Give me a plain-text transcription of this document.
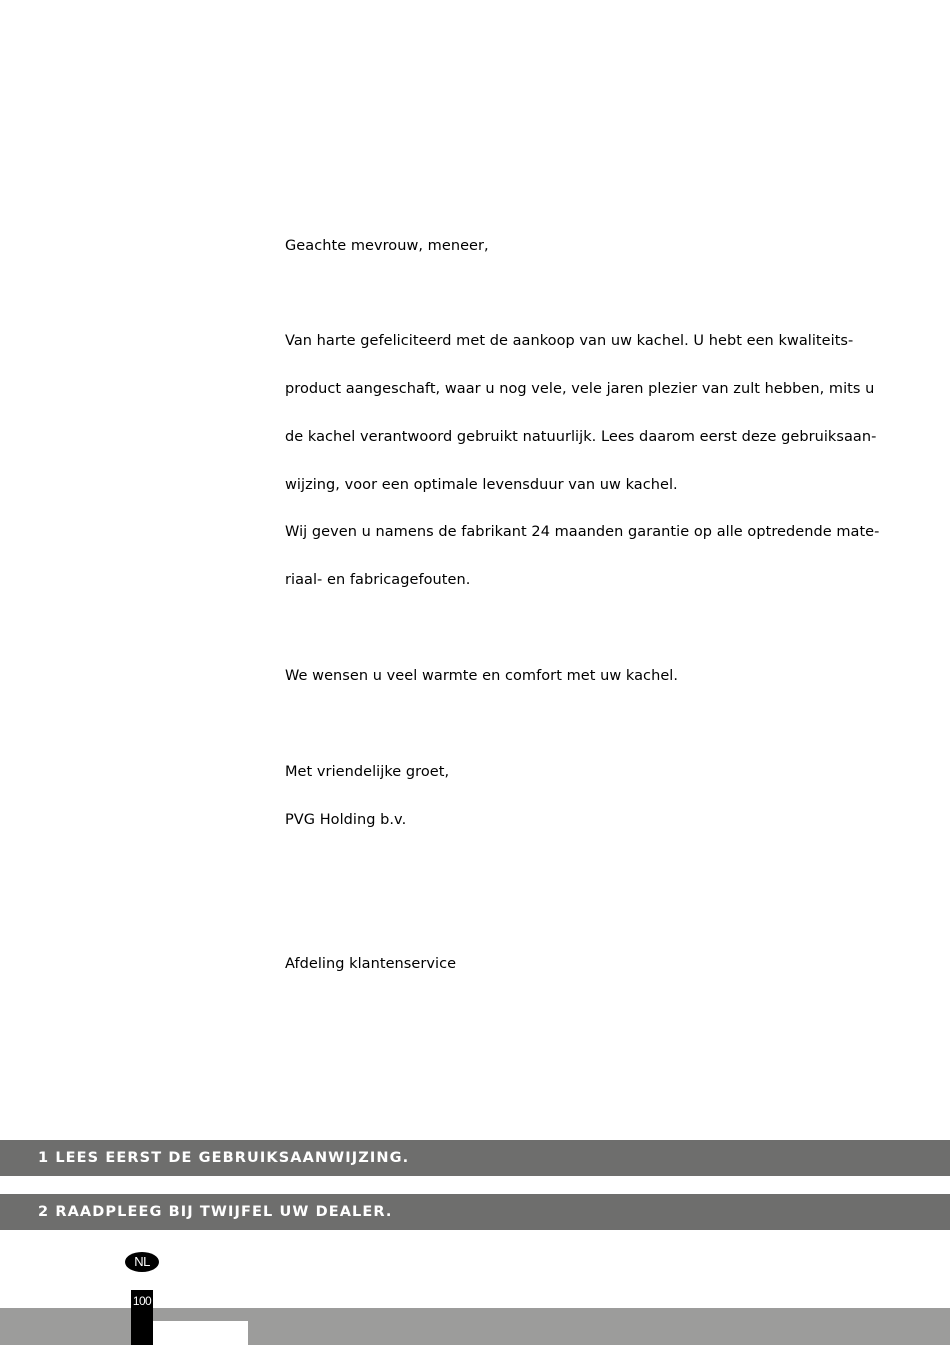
Geachte mevrouw, meneer,
Van harte gefeliciteerd met de aankoop van uw kachel. U hebt een kwaliteits-
product aangeschaft, waar u nog vele, vele jaren plezier van zult hebben, mits u
de kachel verantwoord gebruikt natuurlijk. Lees daarom eerst deze gebruiksaan-
wijzing, voor een optimale levensduur van uw kachel.
Wij geven u namens de fabrikant 24 maanden garantie op alle optredende mate-
riaal- en fabricagefouten.
We wensen u veel warmte en comfort met uw kachel.
Met vriendelijke groet,
PVG Holding b.v.
Afdeling klantenservice
1 LEES EERST DE GEBRUIKSAANWIJZING.
2 RAADPLEEG BIJ TWIJFEL UW DEALER.
NL
100
